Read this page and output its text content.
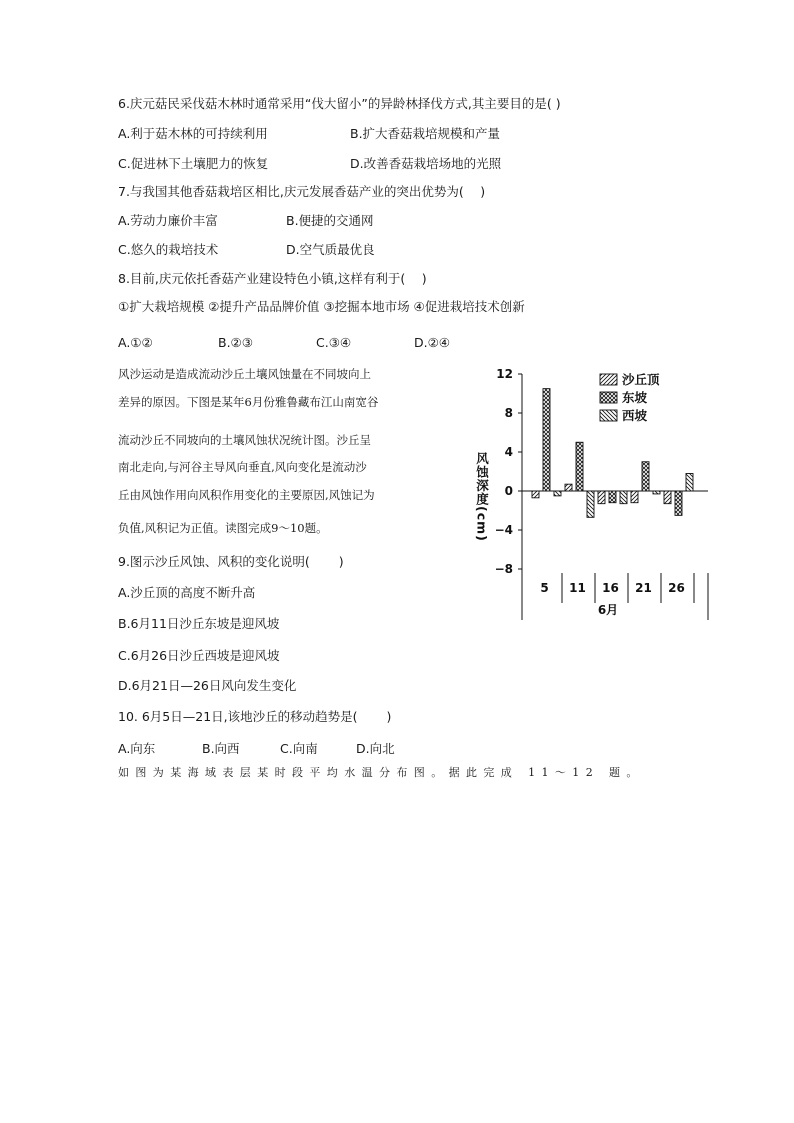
6.庆元菇民采伐菇木林时通常采用“伐大留小”的异龄林择伐方式,其主要目的是( )
A.利于菇木林的可持续利用	B.扩大香菇栽培规模和产量
C.促进林下土壤肥力的恢复	D.改善香菇栽培场地的光照
7.与我国其他香菇栽培区相比,庆元发展香菇产业的突出优势为(　 )
A.劳动力廉价丰富	B.便捷的交通网
C.悠久的栽培技术	D.空气质最优良
8.目前,庆元依托香菇产业建设特色小镇,这样有利于(　 )
①扩大栽培规模 ②提升产品品牌价值 ③挖掘本地市场 ④促进栽培技术创新
A.①②	B.②③	C.③④	D.②④
风沙运动是造成流动沙丘土壤风蚀量在不同坡向上
差异的原因。下图是某年6月份雅鲁藏布江山南宽谷
流动沙丘不同坡向的土壤风蚀状况统计图。沙丘呈
南北走向,与河谷主导风向垂直,风向变化是流动沙
丘由风蚀作用向风积作用变化的主要原因,风蚀记为
负值,风积记为正值。读图完成9～10题。
12
8
4
0
−4
−8
风蚀深度(cm)
5 11 16 21 26
6月
沙丘顶
东坡
西坡
9.图示沙丘风蚀、风积的变化说明(　　 )
A.沙丘顶的高度不断升高
B.6月11日沙丘东坡是迎风坡
C.6月26日沙丘西坡是迎风坡
D.6月21日—26日风向发生变化
10. 6月5日—21日,该地沙丘的移动趋势是(　　 )
A.向东	B.向西	C.向南	D.向北
如图为某海域表层某时段平均水温分布图。据此完成 11～12 题。
